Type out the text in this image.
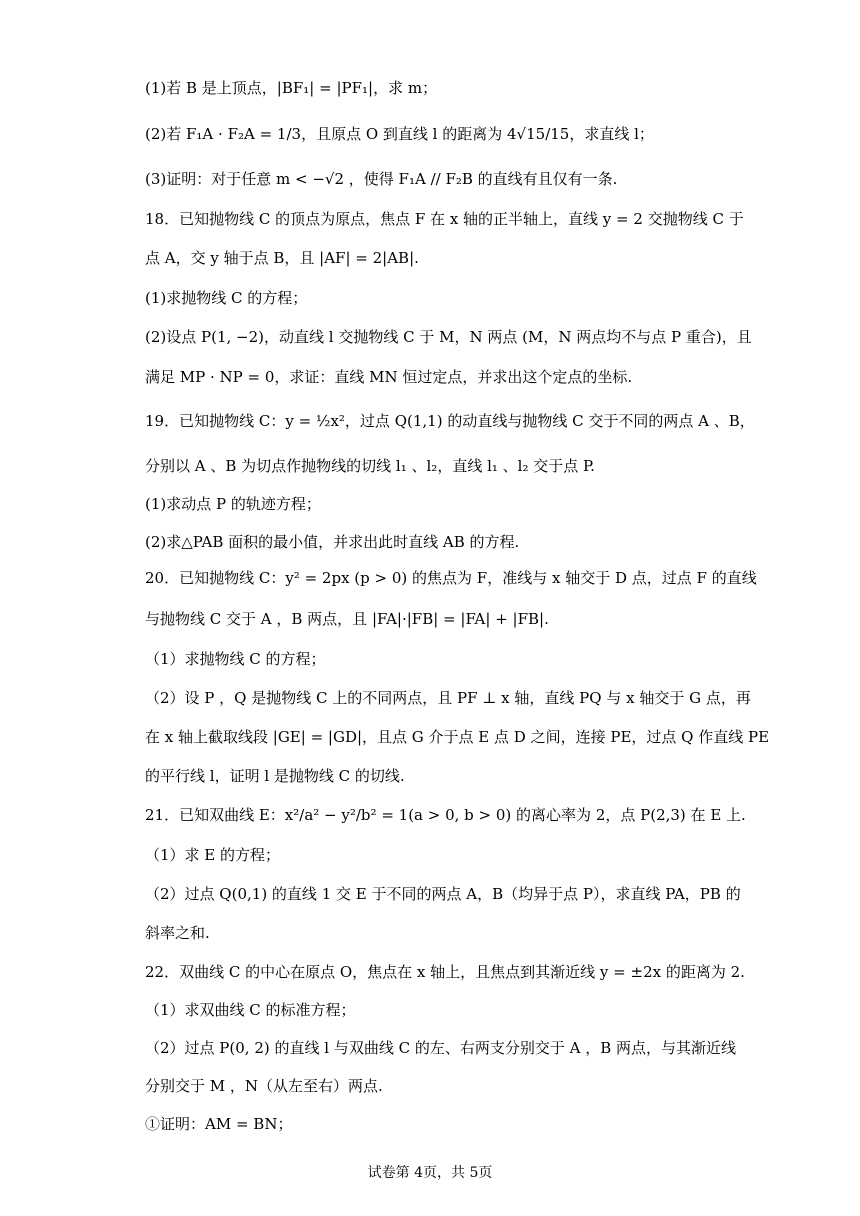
(1)若 B 是上顶点，|BF₁| = |PF₁|，求 m；
(2)若 F₁A · F₂A = 1/3，且原点 O 到直线 l 的距离为 4√15/15，求直线 l；
(3)证明：对于任意 m < −√2 ，使得 F₁A // F₂B 的直线有且仅有一条.
18．已知抛物线 C 的顶点为原点，焦点 F 在 x 轴的正半轴上，直线 y = 2 交抛物线 C 于
点 A，交 y 轴于点 B，且 |AF| = 2|AB|.
(1)求抛物线 C 的方程；
(2)设点 P(1, −2)，动直线 l 交抛物线 C 于 M，N 两点 (M，N 两点均不与点 P 重合)，且
满足 MP · NP = 0，求证：直线 MN 恒过定点，并求出这个定点的坐标.
19．已知抛物线 C：y = ½x²，过点 Q(1,1) 的动直线与抛物线 C 交于不同的两点 A 、B，
分别以 A 、B 为切点作抛物线的切线 l₁ 、l₂，直线 l₁ 、l₂ 交于点 P.
(1)求动点 P 的轨迹方程；
(2)求△PAB 面积的最小值，并求出此时直线 AB 的方程.
20．已知抛物线 C：y² = 2px (p > 0) 的焦点为 F，准线与 x 轴交于 D 点，过点 F 的直线
与抛物线 C 交于 A ，B 两点，且 |FA|·|FB| = |FA| + |FB|.
（1）求抛物线 C 的方程；
（2）设 P ，Q 是抛物线 C 上的不同两点，且 PF ⊥ x 轴，直线 PQ 与 x 轴交于 G 点，再
在 x 轴上截取线段 |GE| = |GD|，且点 G 介于点 E 点 D 之间，连接 PE，过点 Q 作直线 PE
的平行线 l，证明 l 是抛物线 C 的切线.
21．已知双曲线 E：x²/a² − y²/b² = 1(a > 0, b > 0) 的离心率为 2，点 P(2,3) 在 E 上.
（1）求 E 的方程；
（2）过点 Q(0,1) 的直线 1 交 E 于不同的两点 A，B（均异于点 P），求直线 PA，PB 的
斜率之和.
22．双曲线 C 的中心在原点 O，焦点在 x 轴上，且焦点到其渐近线 y = ±2x 的距离为 2.
（1）求双曲线 C 的标准方程；
（2）过点 P(0, 2) 的直线 l 与双曲线 C 的左、右两支分别交于 A ，B 两点，与其渐近线
分别交于 M ，N（从左至右）两点.
①证明：AM = BN；
试卷第 4页，共 5页
